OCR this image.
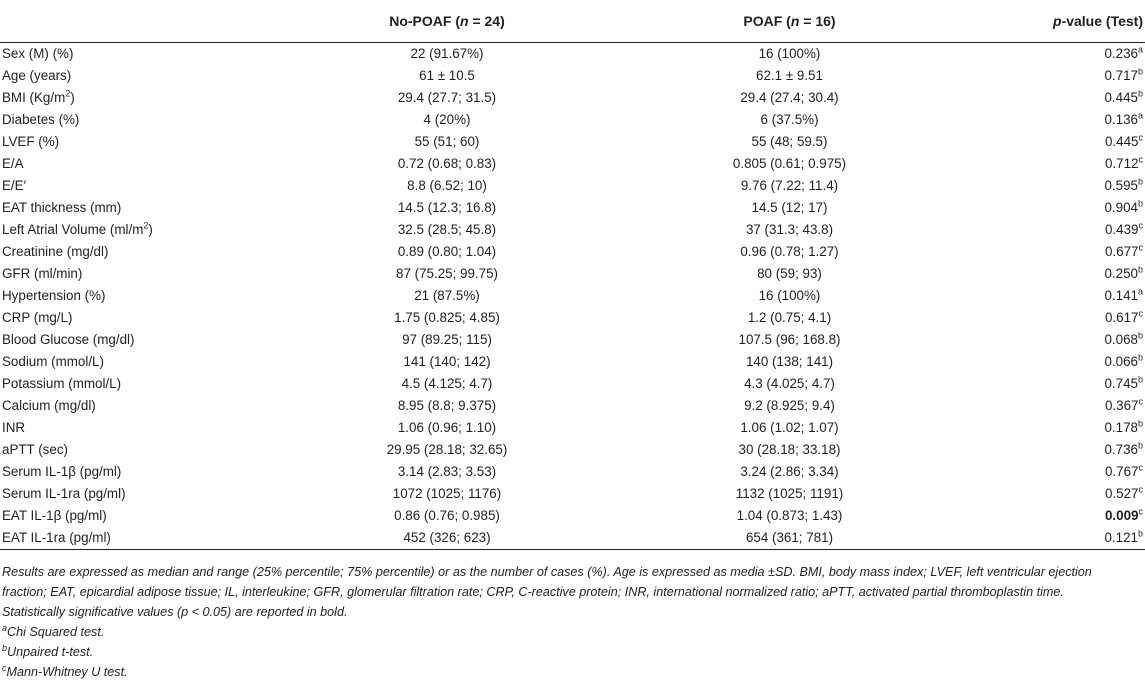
	No-POAF (n = 24)	POAF (n = 16)	p-value (Test)
Sex (M) (%)	22 (91.67%)	16 (100%)	0.236$^a$
Age (years)	61 ± 10.5	62.1 ± 9.51	0.717$^b$
BMI $(Kg/m^2)$	29.4 (27.7; 31.5)	29.4 (27.4; 30.4)	0.445$^b$
Diabetes (%)	4 (20%)	6 (37.5%)	0.136$^a$
LVEF (%)	55 (51; 60)	55 (48; 59.5)	0.445$^c$
E/A	0.72 (0.68; 0.83)	0.805 (0.61; 0.975)	0.712$^c$
E/E′	8.8 (6.52; 10)	9.76 (7.22; 11.4)	0.595$^b$
EAT thickness (mm)	14.5 (12.3; 16.8)	14.5 (12; 17)	0.904$^b$
Left Atrial Volume $(ml/m^2)$	32.5 (28.5; 45.8)	37 (31.3; 43.8)	0.439$^c$
Creatinine (mg/dl)	0.89 (0.80; 1.04)	0.96 (0.78; 1.27)	0.677$^c$
GFR (ml/min)	87 (75.25; 99.75)	80 (59; 93)	0.250$^b$
Hypertension (%)	21 (87.5%)	16 (100%)	0.141$^a$
CRP (mg/L)	1.75 (0.825; 4.85)	1.2 (0.75; 4.1)	0.617$^c$
Blood Glucose (mg/dl)	97 (89.25; 115)	107.5 (96; 168.8)	0.068$^b$
Sodium (mmol/L)	141 (140; 142)	140 (138; 141)	0.066$^b$
Potassium (mmol/L)	4.5 (4.125; 4.7)	4.3 (4.025; 4.7)	0.745$^b$
Calcium (mg/dl)	8.95 (8.8; 9.375)	9.2 (8.925; 9.4)	0.367$^c$
INR	1.06 (0.96; 1.10)	1.06 (1.02; 1.07)	0.178$^b$
aPTT (sec)	29.95 (28.18; 32.65)	30 (28.18; 33.18)	0.736$^b$
Serum IL-1β (pg/ml)	3.14 (2.83; 3.53)	3.24 (2.86; 3.34)	0.767$^c$
Serum IL-1ra (pg/ml)	1072 (1025; 1176)	1132 (1025; 1191)	0.527$^c$
EAT IL-1β (pg/ml)	0.86 (0.76; 0.985)	1.04 (0.873; 1.43)	0.009$^c$
EAT IL-1ra (pg/ml)	452 (326; 623)	654 (361; 781)	0.121$^b$

Results are expressed as median and range (25% percentile; 75% percentile) or as the number of cases (%). Age is expressed as media ±SD. BMI, body mass index; LVEF, left ventricular ejection fraction; EAT, epicardial adipose tissue; IL, interleukine; GFR, glomerular filtration rate; CRP, C-reactive protein; INR, international normalized ratio; aPTT, activated partial thromboplastin time.

Statistically significative values (p < 0.05) are reported in bold.

$^a$Chi Squared test.

$^b$Unpaired t-test.

$^c$Mann-Whitney U test.
